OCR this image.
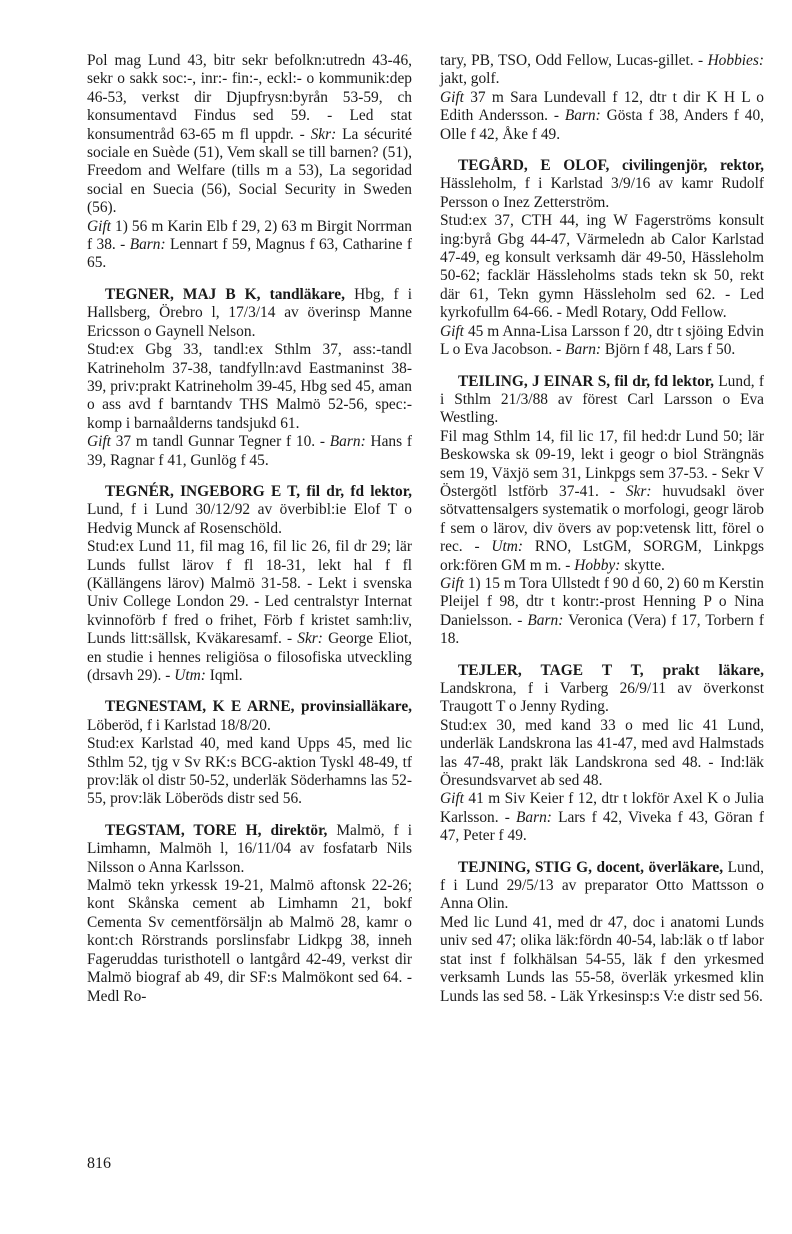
Pol mag Lund 43, bitr sekr befolkn:utredn 43-46, sekr o sakk soc:-, inr:- fin:-, eckl:- o kommunik:dep 46-53, verkst dir Djupfrysn:byrån 53-59, ch konsumentavd Findus sed 59. - Led stat konsumentråd 63-65 m fl uppdr. - Skr: La sécurité sociale en Suède (51), Vem skall se till barnen? (51), Freedom and Welfare (tills m a 53), La segoridad social en Suecia (56), Social Security in Sweden (56).
Gift 1) 56 m Karin Elb f 29, 2) 63 m Birgit Norrman f 38. - Barn: Lennart f 59, Magnus f 63, Catharine f 65.
TEGNER, MAJ B K, tandläkare, Hbg, f i Hallsberg, Örebro l, 17/3/14 av överinsp Manne Ericsson o Gaynell Nelson.
Stud:ex Gbg 33, tandl:ex Sthlm 37, ass:-tandl Katrineholm 37-38, tandfylln:avd Eastmaninst 38-39, priv:prakt Katrineholm 39-45, Hbg sed 45, aman o ass avd f barntandv THS Malmö 52-56, spec:-komp i barnaålderns tandsjukd 61.
Gift 37 m tandl Gunnar Tegner f 10. - Barn: Hans f 39, Ragnar f 41, Gunlög f 45.
TEGNÉR, INGEBORG E T, fil dr, fd lektor, Lund, f i Lund 30/12/92 av överbibl:ie Elof T o Hedvig Munck af Rosenschöld.
Stud:ex Lund 11, fil mag 16, fil lic 26, fil dr 29; lär Lunds fullst lärov f fl 18-31, lekt hal f fl (Källängens lärov) Malmö 31-58. - Lekt i svenska Univ College London 29. - Led centralstyr Internat kvinnoförb f fred o frihet, Förb f kristet samh:liv, Lunds litt:sällsk, Kväkaresamf. - Skr: George Eliot, en studie i hennes religiösa o filosofiska utveckling (drsavh 29). - Utm: Iqml.
TEGNESTAM, K E ARNE, provinsialläkare, Löberöd, f i Karlstad 18/8/20.
Stud:ex Karlstad 40, med kand Upps 45, med lic Sthlm 52, tjg v Sv RK:s BCG-aktion Tyskl 48-49, tf prov:läk ol distr 50-52, underläk Söderhamns las 52-55, prov:läk Löberöds distr sed 56.
TEGSTAM, TORE H, direktör, Malmö, f i Limhamn, Malmöh l, 16/11/04 av fosfatarb Nils Nilsson o Anna Karlsson.
Malmö tekn yrkessk 19-21, Malmö aftonsk 22-26; kont Skånska cement ab Limhamn 21, bokf Cementa Sv cementförsäljn ab Malmö 28, kamr o kont:ch Rörstrands porslinsfabr Lidkpg 38, inneh Fageruddas turisthotell o lantgård 42-49, verkst dir Malmö biograf ab 49, dir SF:s Malmökont sed 64. - Medl Ro-
tary, PB, TSO, Odd Fellow, Lucas-gillet. - Hobbies: jakt, golf.
Gift 37 m Sara Lundevall f 12, dtr t dir K H L o Edith Andersson. - Barn: Gösta f 38, Anders f 40, Olle f 42, Åke f 49.
TEGÅRD, E OLOF, civilingenjör, rektor, Hässleholm, f i Karlstad 3/9/16 av kamr Rudolf Persson o Inez Zetterström.
Stud:ex 37, CTH 44, ing W Fagerströms konsult ing:byrå Gbg 44-47, Värmeledn ab Calor Karlstad 47-49, eg konsult verksamh där 49-50, Hässleholm 50-62; facklär Hässleholms stads tekn sk 50, rekt där 61, Tekn gymn Hässleholm sed 62. - Led kyrkofullm 64-66. - Medl Rotary, Odd Fellow.
Gift 45 m Anna-Lisa Larsson f 20, dtr t sjöing Edvin L o Eva Jacobson. - Barn: Björn f 48, Lars f 50.
TEILING, J EINAR S, fil dr, fd lektor, Lund, f i Sthlm 21/3/88 av förest Carl Larsson o Eva Westling.
Fil mag Sthlm 14, fil lic 17, fil hed:dr Lund 50; lär Beskowska sk 09-19, lekt i geogr o biol Strängnäs sem 19, Växjö sem 31, Linkpgs sem 37-53. - Sekr V Östergötl lstförb 37-41. - Skr: huvudsakl över sötvattensalgers systematik o morfologi, geogr lärob f sem o lärov, div övers av pop:vetensk litt, förel o rec. - Utm: RNO, LstGM, SORGM, Linkpgs ork:fören GM m m. - Hobby: skytte.
Gift 1) 15 m Tora Ullstedt f 90 d 60, 2) 60 m Kerstin Pleijel f 98, dtr t kontr:-prost Henning P o Nina Danielsson. - Barn: Veronica (Vera) f 17, Torbern f 18.
TEJLER, TAGE T T, prakt läkare, Landskrona, f i Varberg 26/9/11 av överkonst Traugott T o Jenny Ryding.
Stud:ex 30, med kand 33 o med lic 41 Lund, underläk Landskrona las 41-47, med avd Halmstads las 47-48, prakt läk Landskrona sed 48. - Ind:läk Öresundsvarvet ab sed 48.
Gift 41 m Siv Keier f 12, dtr t lokför Axel K o Julia Karlsson. - Barn: Lars f 42, Viveka f 43, Göran f 47, Peter f 49.
TEJNING, STIG G, docent, överläkare, Lund, f i Lund 29/5/13 av preparator Otto Mattsson o Anna Olin.
Med lic Lund 41, med dr 47, doc i anatomi Lunds univ sed 47; olika läk:fördn 40-54, lab:läk o tf labor stat inst f folkhälsan 54-55, läk f den yrkesmed verksamh Lunds las 55-58, överläk yrkesmed klin Lunds las sed 58. - Läk Yrkesinsp:s V:e distr sed 56.
816
